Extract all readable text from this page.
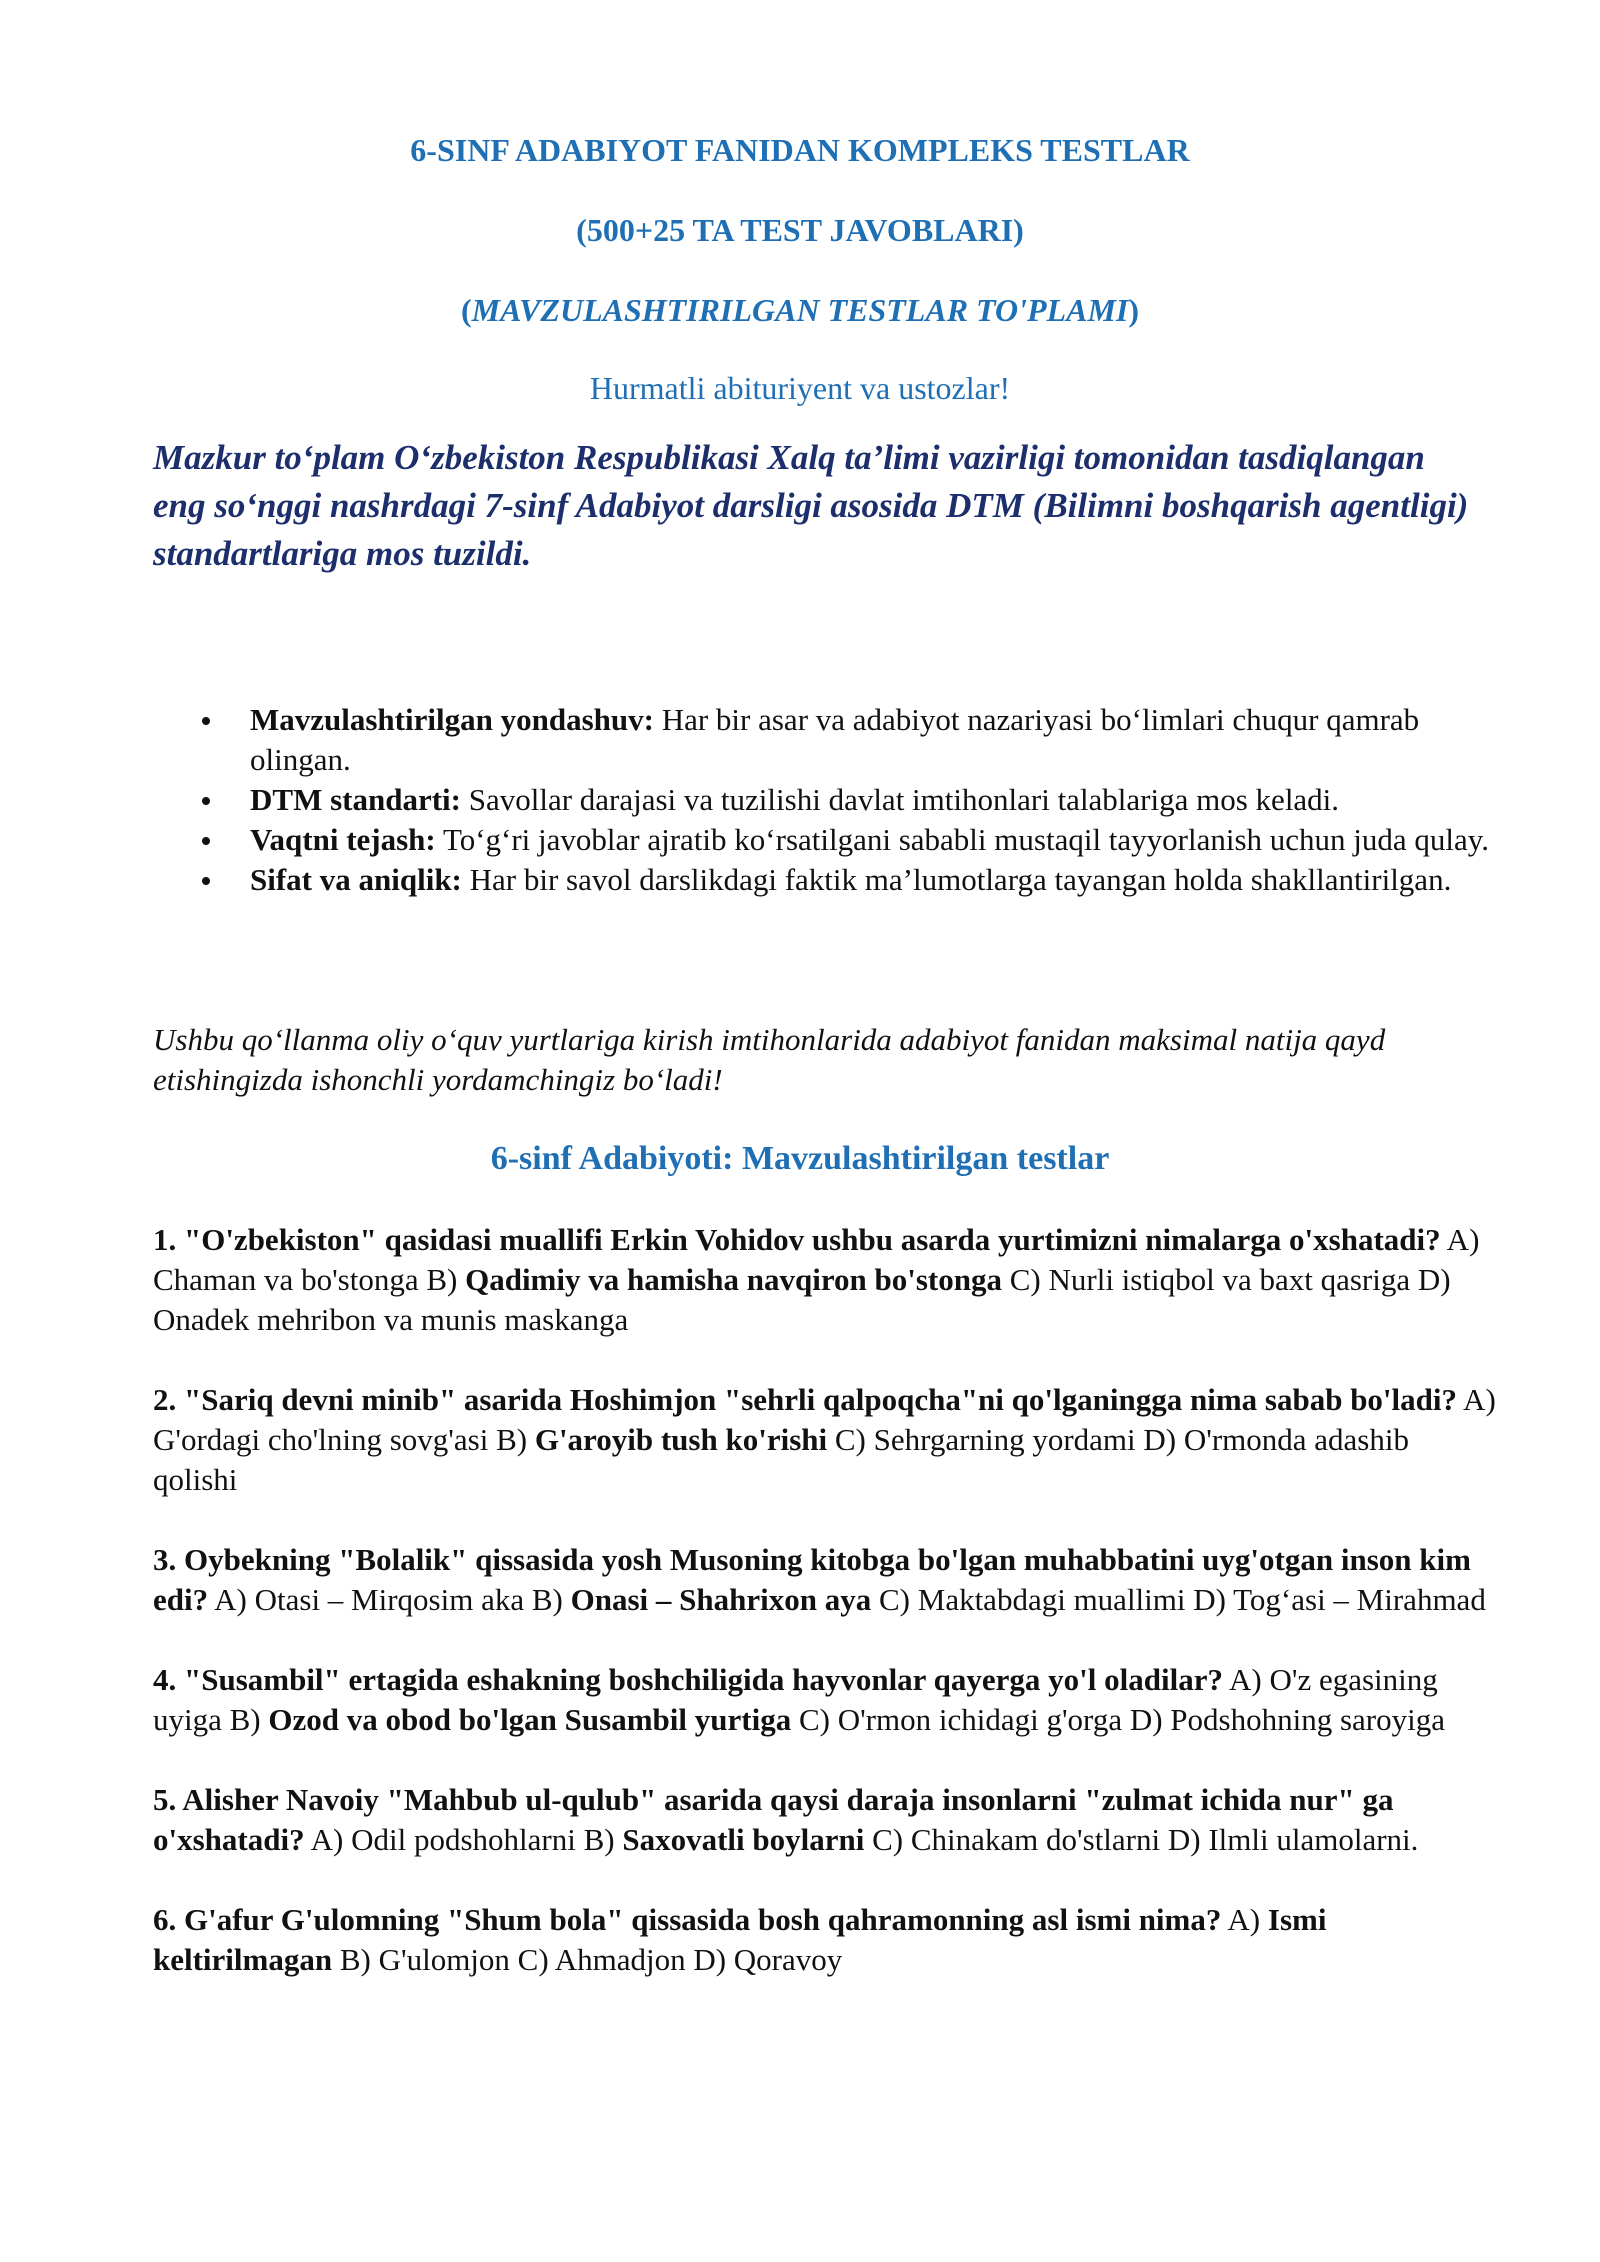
6-SINF ADABIYOT FANIDAN KOMPLEKS TESTLAR
(500+25 TA TEST JAVOBLARI)
(MAVZULASHTIRILGAN TESTLAR TO'PLAMI)
Hurmatli abituriyent va ustozlar!
Mazkur to‘plam O‘zbekiston Respublikasi Xalq ta’limi vazirligi tomonidan tasdiqlangan eng so‘nggi nashrdagi 7-sinf Adabiyot darsligi asosida DTM (Bilimni boshqarish agentligi) standartlariga mos tuzildi.
Mavzulashtirilgan yondashuv: Har bir asar va adabiyot nazariyasi bo‘limlari chuqur qamrab olingan.
DTM standarti: Savollar darajasi va tuzilishi davlat imtihonlari talablariga mos keladi.
Vaqtni tejash: To‘g‘ri javoblar ajratib ko‘rsatilgani sababli mustaqil tayyorlanish uchun juda qulay.
Sifat va aniqlik: Har bir savol darslikdagi faktik ma’lumotlarga tayangan holda shakllantirilgan.
Ushbu qo‘llanma oliy o‘quv yurtlariga kirish imtihonlarida adabiyot fanidan maksimal natija qayd etishingizda ishonchli yordamchingiz bo‘ladi!
6-sinf Adabiyoti: Mavzulashtirilgan testlar

1. "O'zbekiston" qasidasi muallifi Erkin Vohidov ushbu asarda yurtimizni nimalarga o'xshatadi? A) Chaman va bo'stonga B) Qadimiy va hamisha navqiron bo'stonga C) Nurli istiqbol va baxt qasriga D) Onadek mehribon va munis maskanga

2. "Sariq devni minib" asarida Hoshimjon "sehrli qalpoqcha"ni qo'lganingga nima sabab bo'ladi? A) G'ordagi cho'lning sovg'asi B) G'aroyib tush ko'rishi C) Sehrgarning yordami D) O'rmonda adashib qolishi

3. Oybekning "Bolalik" qissasida yosh Musoning kitobga bo'lgan muhabbatini uyg'otgan inson kim edi? A) Otasi – Mirqosim aka B) Onasi – Shahrixon aya C) Maktabdagi muallimi D) Tog‘asi – Mirahmad

4. "Susambil" ertagida eshakning boshchiligida hayvonlar qayerga yo'l oladilar? A) O'z egasining uyiga B) Ozod va obod bo'lgan Susambil yurtiga C) O'rmon ichidagi g'orga D) Podshohning saroyiga

5. Alisher Navoiy "Mahbub ul-qulub" asarida qaysi daraja insonlarni "zulmat ichida nur" ga o'xshatadi? A) Odil podshohlarni B) Saxovatli boylarni C) Chinakam do'stlarni D) Ilmli ulamolarni.

6. G'afur G'ulomning "Shum bola" qissasida bosh qahramonning asl ismi nima? A) Ismi keltirilmagan B) G'ulomjon C) Ahmadjon D) Qoravoy
